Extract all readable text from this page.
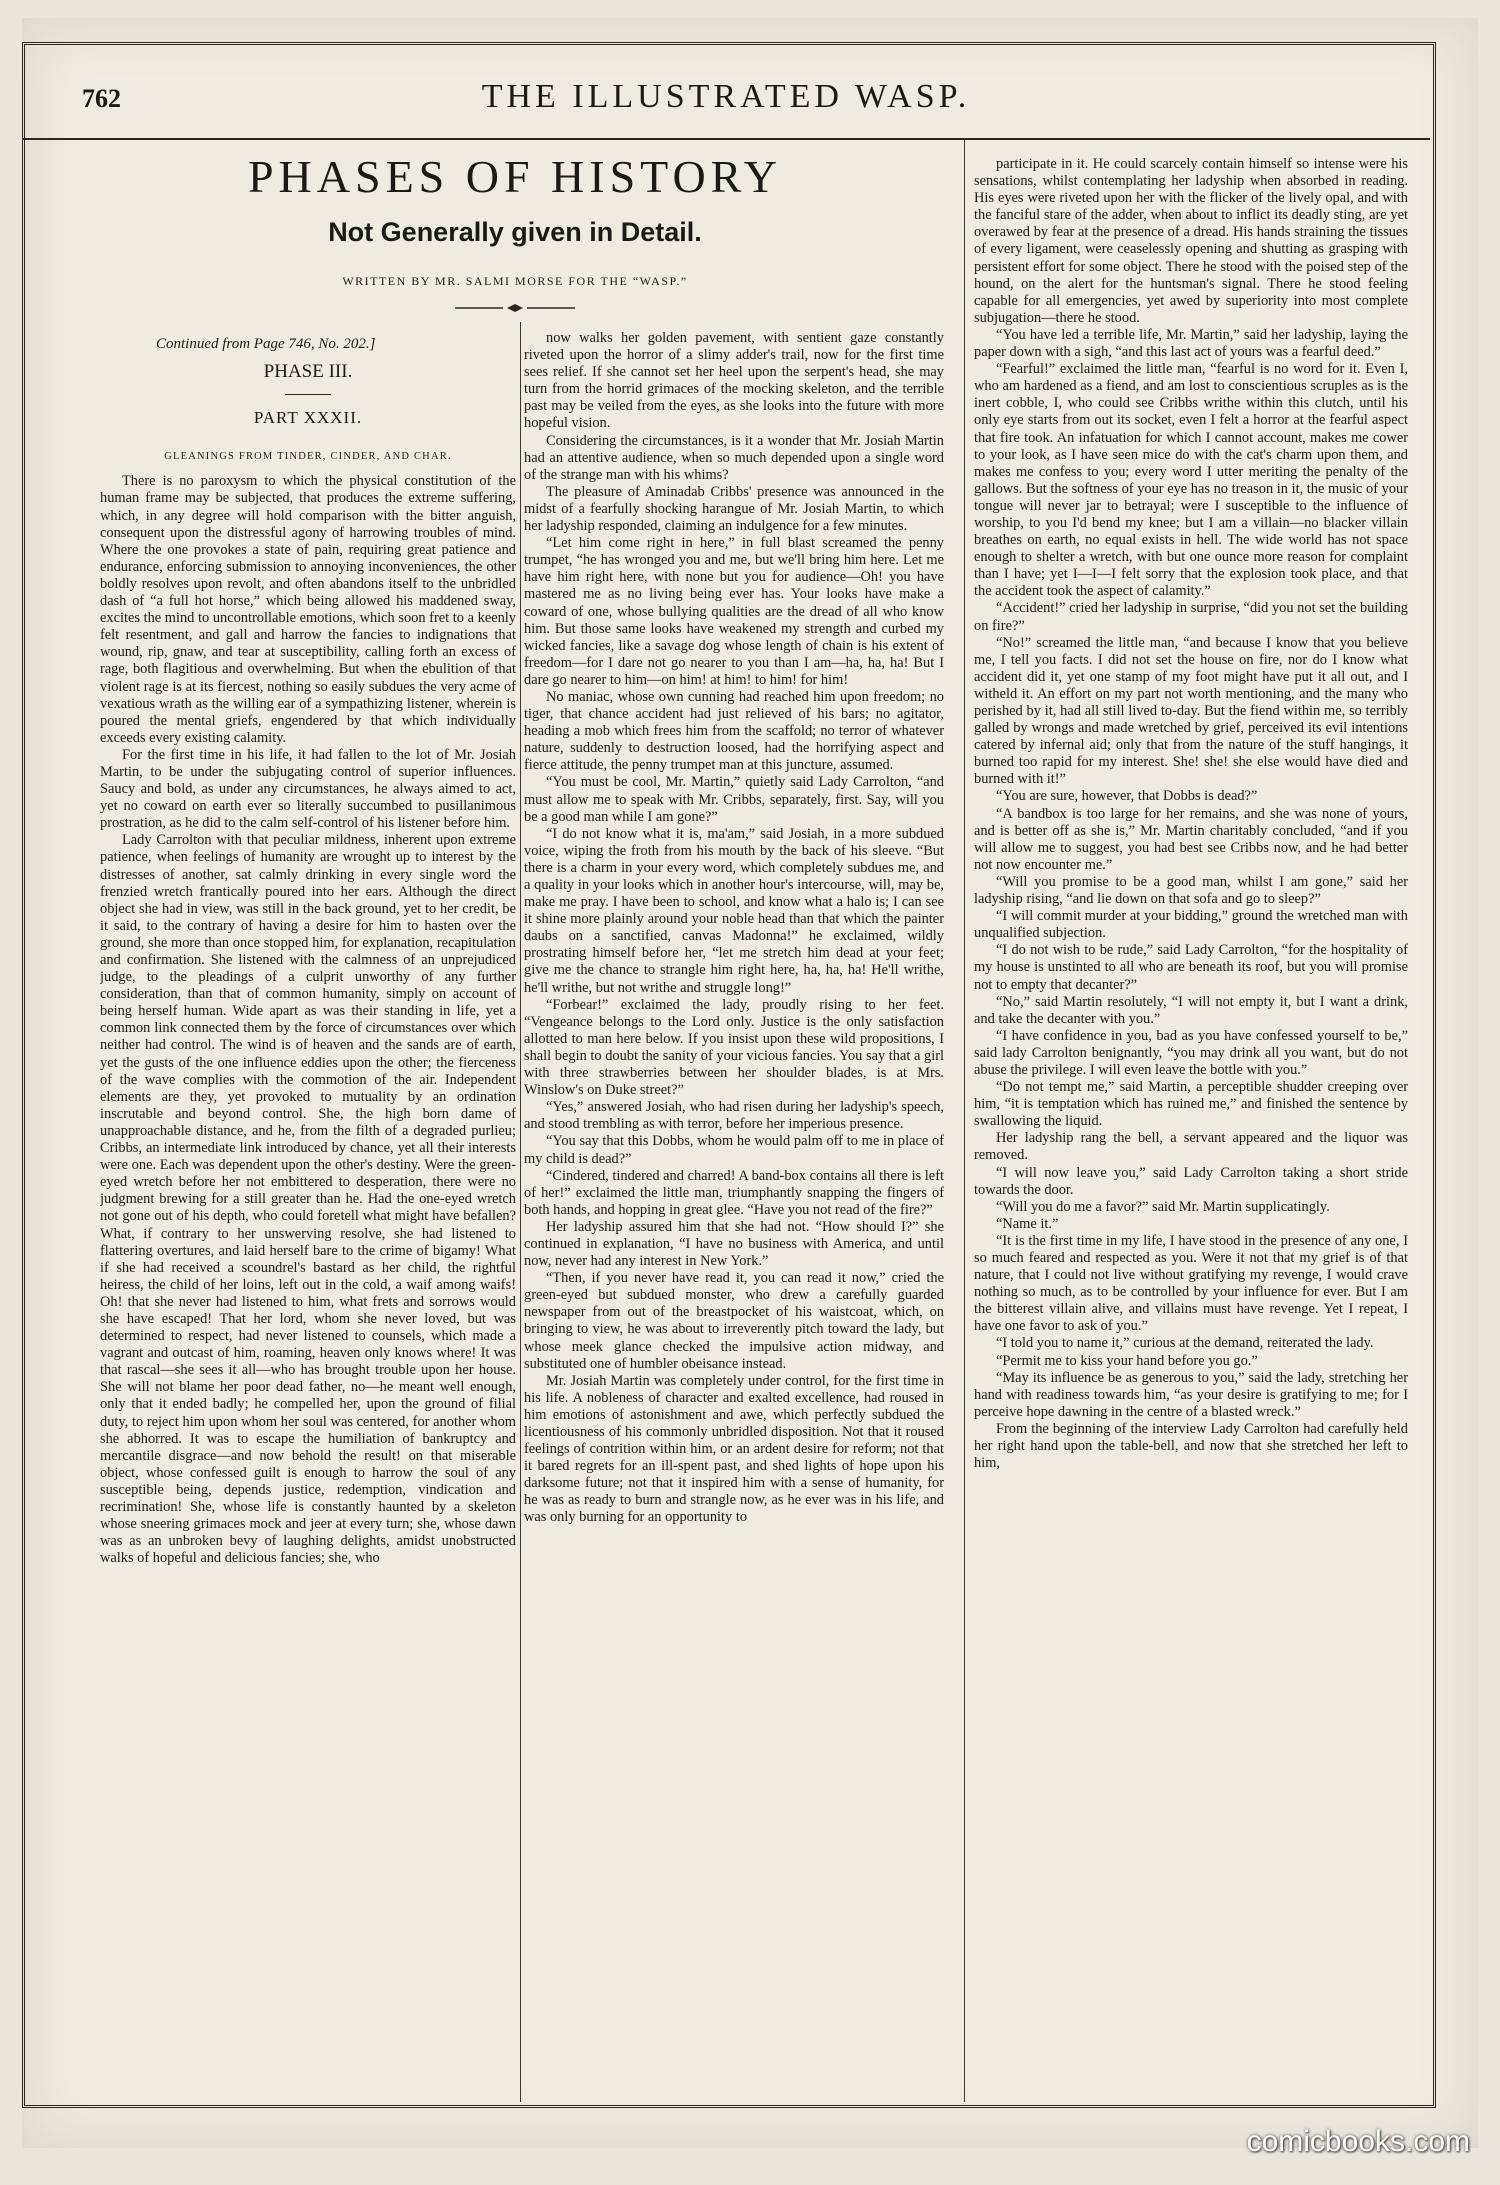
762	THE ILLUSTRATED WASP.
PHASES OF HISTORY
Not Generally given in Detail.
WRITTEN BY MR. SALMI MORSE FOR THE “WASP.”
Continued from Page 746, No. 202.]
PHASE III.
PART XXXII.
GLEANINGS FROM TINDER, CINDER, AND CHAR.

There is no paroxysm to which the physical constitution of the human frame may be subjected, that produces the extreme suffering, which, in any degree will hold comparison with the bitter anguish, consequent upon the distressful agony of harrowing troubles of mind. Where the one provokes a state of pain, requiring great patience and endurance, enforcing submission to annoying inconveniences, the other boldly resolves upon revolt, and often abandons itself to the unbridled dash of “a full hot horse,” which being allowed his maddened sway, excites the mind to uncontrollable emotions, which soon fret to a keenly felt resentment, and gall and harrow the fancies to indignations that wound, rip, gnaw, and tear at susceptibility, calling forth an excess of rage, both flagitious and overwhelming. But when the ebulition of that violent rage is at its fiercest, nothing so easily subdues the very acme of vexatious wrath as the willing ear of a sympathizing listener, wherein is poured the mental griefs, engendered by that which individually exceeds every existing calamity.

For the first time in his life, it had fallen to the lot of Mr. Josiah Martin, to be under the subjugating control of superior influences. Saucy and bold, as under any circumstances, he always aimed to act, yet no coward on earth ever so literally succumbed to pusillanimous prostration, as he did to the calm self-control of his listener before him.

Lady Carrolton with that peculiar mildness, inherent upon extreme patience, when feelings of humanity are wrought up to interest by the distresses of another, sat calmly drinking in every single word the frenzied wretch frantically poured into her ears. Although the direct object she had in view, was still in the back ground, yet to her credit, be it said, to the contrary of having a desire for him to hasten over the ground, she more than once stopped him, for explanation, recapitulation and confirmation. She listened with the calmness of an unprejudiced judge, to the pleadings of a culprit unworthy of any further consideration, than that of common humanity, simply on account of being herself human. Wide apart as was their standing in life, yet a common link connected them by the force of circumstances over which neither had control. The wind is of heaven and the sands are of earth, yet the gusts of the one influence eddies upon the other; the fierceness of the wave complies with the commotion of the air. Independent elements are they, yet provoked to mutuality by an ordination inscrutable and beyond control. She, the high born dame of unapproachable distance, and he, from the filth of a degraded purlieu; Cribbs, an intermediate link introduced by chance, yet all their interests were one. Each was dependent upon the other's destiny. Were the green-eyed wretch before her not embittered to desperation, there were no judgment brewing for a still greater than he. Had the one-eyed wretch not gone out of his depth, who could foretell what might have befallen? What, if contrary to her unswerving resolve, she had listened to flattering overtures, and laid herself bare to the crime of bigamy! What if she had received a scoundrel's bastard as her child, the rightful heiress, the child of her loins, left out in the cold, a waif among waifs! Oh! that she never had listened to him, what frets and sorrows would she have escaped! That her lord, whom she never loved, but was determined to respect, had never listened to counsels, which made a vagrant and outcast of him, roaming, heaven only knows where! It was that rascal—she sees it all—who has brought trouble upon her house. She will not blame her poor dead father, no—he meant well enough, only that it ended badly; he compelled her, upon the ground of filial duty, to reject him upon whom her soul was centered, for another whom she abhorred. It was to escape the humiliation of bankruptcy and mercantile disgrace—and now behold the result! on that miserable object, whose confessed guilt is enough to harrow the soul of any susceptible being, depends justice, redemption, vindication and recrimination! She, whose life is constantly haunted by a skeleton whose sneering grimaces mock and jeer at every turn; she, whose dawn was as an unbroken bevy of laughing delights, amidst unobstructed walks of hopeful and delicious fancies; she, who

now walks her golden pavement, with sentient gaze constantly riveted upon the horror of a slimy adder's trail, now for the first time sees relief. If she cannot set her heel upon the serpent's head, she may turn from the horrid grimaces of the mocking skeleton, and the terrible past may be veiled from the eyes, as she looks into the future with more hopeful vision.

Considering the circumstances, is it a wonder that Mr. Josiah Martin had an attentive audience, when so much depended upon a single word of the strange man with his whims?

The pleasure of Aminadab Cribbs' presence was announced in the midst of a fearfully shocking harangue of Mr. Josiah Martin, to which her ladyship responded, claiming an indulgence for a few minutes.

“Let him come right in here,” in full blast screamed the penny trumpet, “he has wronged you and me, but we'll bring him here. Let me have him right here, with none but you for audience—Oh! you have mastered me as no living being ever has. Your looks have make a coward of one, whose bullying qualities are the dread of all who know him. But those same looks have weakened my strength and curbed my wicked fancies, like a savage dog whose length of chain is his extent of freedom—for I dare not go nearer to you than I am—ha, ha, ha! But I dare go nearer to him—on him! at him! to him! for him!

No maniac, whose own cunning had reached him upon freedom; no tiger, that chance accident had just relieved of his bars; no agitator, heading a mob which frees him from the scaffold; no terror of whatever nature, suddenly to destruction loosed, had the horrifying aspect and fierce attitude, the penny trumpet man at this juncture, assumed.

“You must be cool, Mr. Martin,” quietly said Lady Carrolton, “and must allow me to speak with Mr. Cribbs, separately, first. Say, will you be a good man while I am gone?”

“I do not know what it is, ma'am,” said Josiah, in a more subdued voice, wiping the froth from his mouth by the back of his sleeve. “But there is a charm in your every word, which completely subdues me, and a quality in your looks which in another hour's intercourse, will, may be, make me pray. I have been to school, and know what a halo is; I can see it shine more plainly around your noble head than that which the painter daubs on a sanctified, canvas Madonna!” he exclaimed, wildly prostrating himself before her, “let me stretch him dead at your feet; give me the chance to strangle him right here, ha, ha, ha! He'll writhe, he'll writhe, but not writhe and struggle long!”

“Forbear!” exclaimed the lady, proudly rising to her feet. “Vengeance belongs to the Lord only. Justice is the only satisfaction allotted to man here below. If you insist upon these wild propositions, I shall begin to doubt the sanity of your vicious fancies. You say that a girl with three strawberries between her shoulder blades, is at Mrs. Winslow's on Duke street?”

“Yes,” answered Josiah, who had risen during her ladyship's speech, and stood trembling as with terror, before her imperious presence.

“You say that this Dobbs, whom he would palm off to me in place of my child is dead?”

“Cindered, tindered and charred! A band-box contains all there is left of her!” exclaimed the little man, triumphantly snapping the fingers of both hands, and hopping in great glee. “Have you not read of the fire?”

Her ladyship assured him that she had not. “How should I?” she continued in explanation, “I have no business with America, and until now, never had any interest in New York.”

“Then, if you never have read it, you can read it now,” cried the green-eyed but subdued monster, who drew a carefully guarded newspaper from out of the breastpocket of his waistcoat, which, on bringing to view, he was about to irreverently pitch toward the lady, but whose meek glance checked the impulsive action midway, and substituted one of humbler obeisance instead.

Mr. Josiah Martin was completely under control, for the first time in his life. A nobleness of character and exalted excellence, had roused in him emotions of astonishment and awe, which perfectly subdued the licentiousness of his commonly unbridled disposition. Not that it roused feelings of contrition within him, or an ardent desire for reform; not that it bared regrets for an ill-spent past, and shed lights of hope upon his darksome future; not that it inspired him with a sense of humanity, for he was as ready to burn and strangle now, as he ever was in his life, and was only burning for an opportunity to

participate in it. He could scarcely contain himself so intense were his sensations, whilst contemplating her ladyship when absorbed in reading. His eyes were riveted upon her with the flicker of the lively opal, and with the fanciful stare of the adder, when about to inflict its deadly sting, are yet overawed by fear at the presence of a dread. His hands straining the tissues of every ligament, were ceaselessly opening and shutting as grasping with persistent effort for some object. There he stood with the poised step of the hound, on the alert for the huntsman's signal. There he stood feeling capable for all emergencies, yet awed by superiority into most complete subjugation—there he stood.

“You have led a terrible life, Mr. Martin,” said her ladyship, laying the paper down with a sigh, “and this last act of yours was a fearful deed.”

“Fearful!” exclaimed the little man, “fearful is no word for it. Even I, who am hardened as a fiend, and am lost to conscientious scruples as is the inert cobble, I, who could see Cribbs writhe within this clutch, until his only eye starts from out its socket, even I felt a horror at the fearful aspect that fire took. An infatuation for which I cannot account, makes me cower to your look, as I have seen mice do with the cat's charm upon them, and makes me confess to you; every word I utter meriting the penalty of the gallows. But the softness of your eye has no treason in it, the music of your tongue will never jar to betrayal; were I susceptible to the influence of worship, to you I'd bend my knee; but I am a villain—no blacker villain breathes on earth, no equal exists in hell. The wide world has not space enough to shelter a wretch, with but one ounce more reason for complaint than I have; yet I—I—I felt sorry that the explosion took place, and that the accident took the aspect of calamity.”

“Accident!” cried her ladyship in surprise, “did you not set the building on fire?”

“No!” screamed the little man, “and because I know that you believe me, I tell you facts. I did not set the house on fire, nor do I know what accident did it, yet one stamp of my foot might have put it all out, and I witheld it. An effort on my part not worth mentioning, and the many who perished by it, had all still lived to-day. But the fiend within me, so terribly galled by wrongs and made wretched by grief, perceived its evil intentions catered by infernal aid; only that from the nature of the stuff hangings, it burned too rapid for my interest. She! she! she else would have died and burned with it!”

“You are sure, however, that Dobbs is dead?”

“A bandbox is too large for her remains, and she was none of yours, and is better off as she is,” Mr. Martin charitably concluded, “and if you will allow me to suggest, you had best see Cribbs now, and he had better not now encounter me.”

“Will you promise to be a good man, whilst I am gone,” said her ladyship rising, “and lie down on that sofa and go to sleep?”

“I will commit murder at your bidding,” ground the wretched man with unqualified subjection.

“I do not wish to be rude,” said Lady Carrolton, “for the hospitality of my house is unstinted to all who are beneath its roof, but you will promise not to empty that decanter?”

“No,” said Martin resolutely, “I will not empty it, but I want a drink, and take the decanter with you.”

“I have confidence in you, bad as you have confessed yourself to be,” said lady Carrolton benignantly, “you may drink all you want, but do not abuse the privilege. I will even leave the bottle with you.”

“Do not tempt me,” said Martin, a perceptible shudder creeping over him, “it is temptation which has ruined me,” and finished the sentence by swallowing the liquid.

Her ladyship rang the bell, a servant appeared and the liquor was removed.

“I will now leave you,” said Lady Carrolton taking a short stride towards the door.

“Will you do me a favor?” said Mr. Martin supplicatingly.

“Name it.”

“It is the first time in my life, I have stood in the presence of any one, I so much feared and respected as you. Were it not that my grief is of that nature, that I could not live without gratifying my revenge, I would crave nothing so much, as to be controlled by your influence for ever. But I am the bitterest villain alive, and villains must have revenge. Yet I repeat, I have one favor to ask of you.”

“I told you to name it,” curious at the demand, reiterated the lady.

“Permit me to kiss your hand before you go.”

“May its influence be as generous to you,” said the lady, stretching her hand with readiness towards him, “as your desire is gratifying to me; for I perceive hope dawning in the centre of a blasted wreck.”

From the beginning of the interview Lady Carrolton had carefully held her right hand upon the table-bell, and now that she stretched her left to him,

comicbooks.com
